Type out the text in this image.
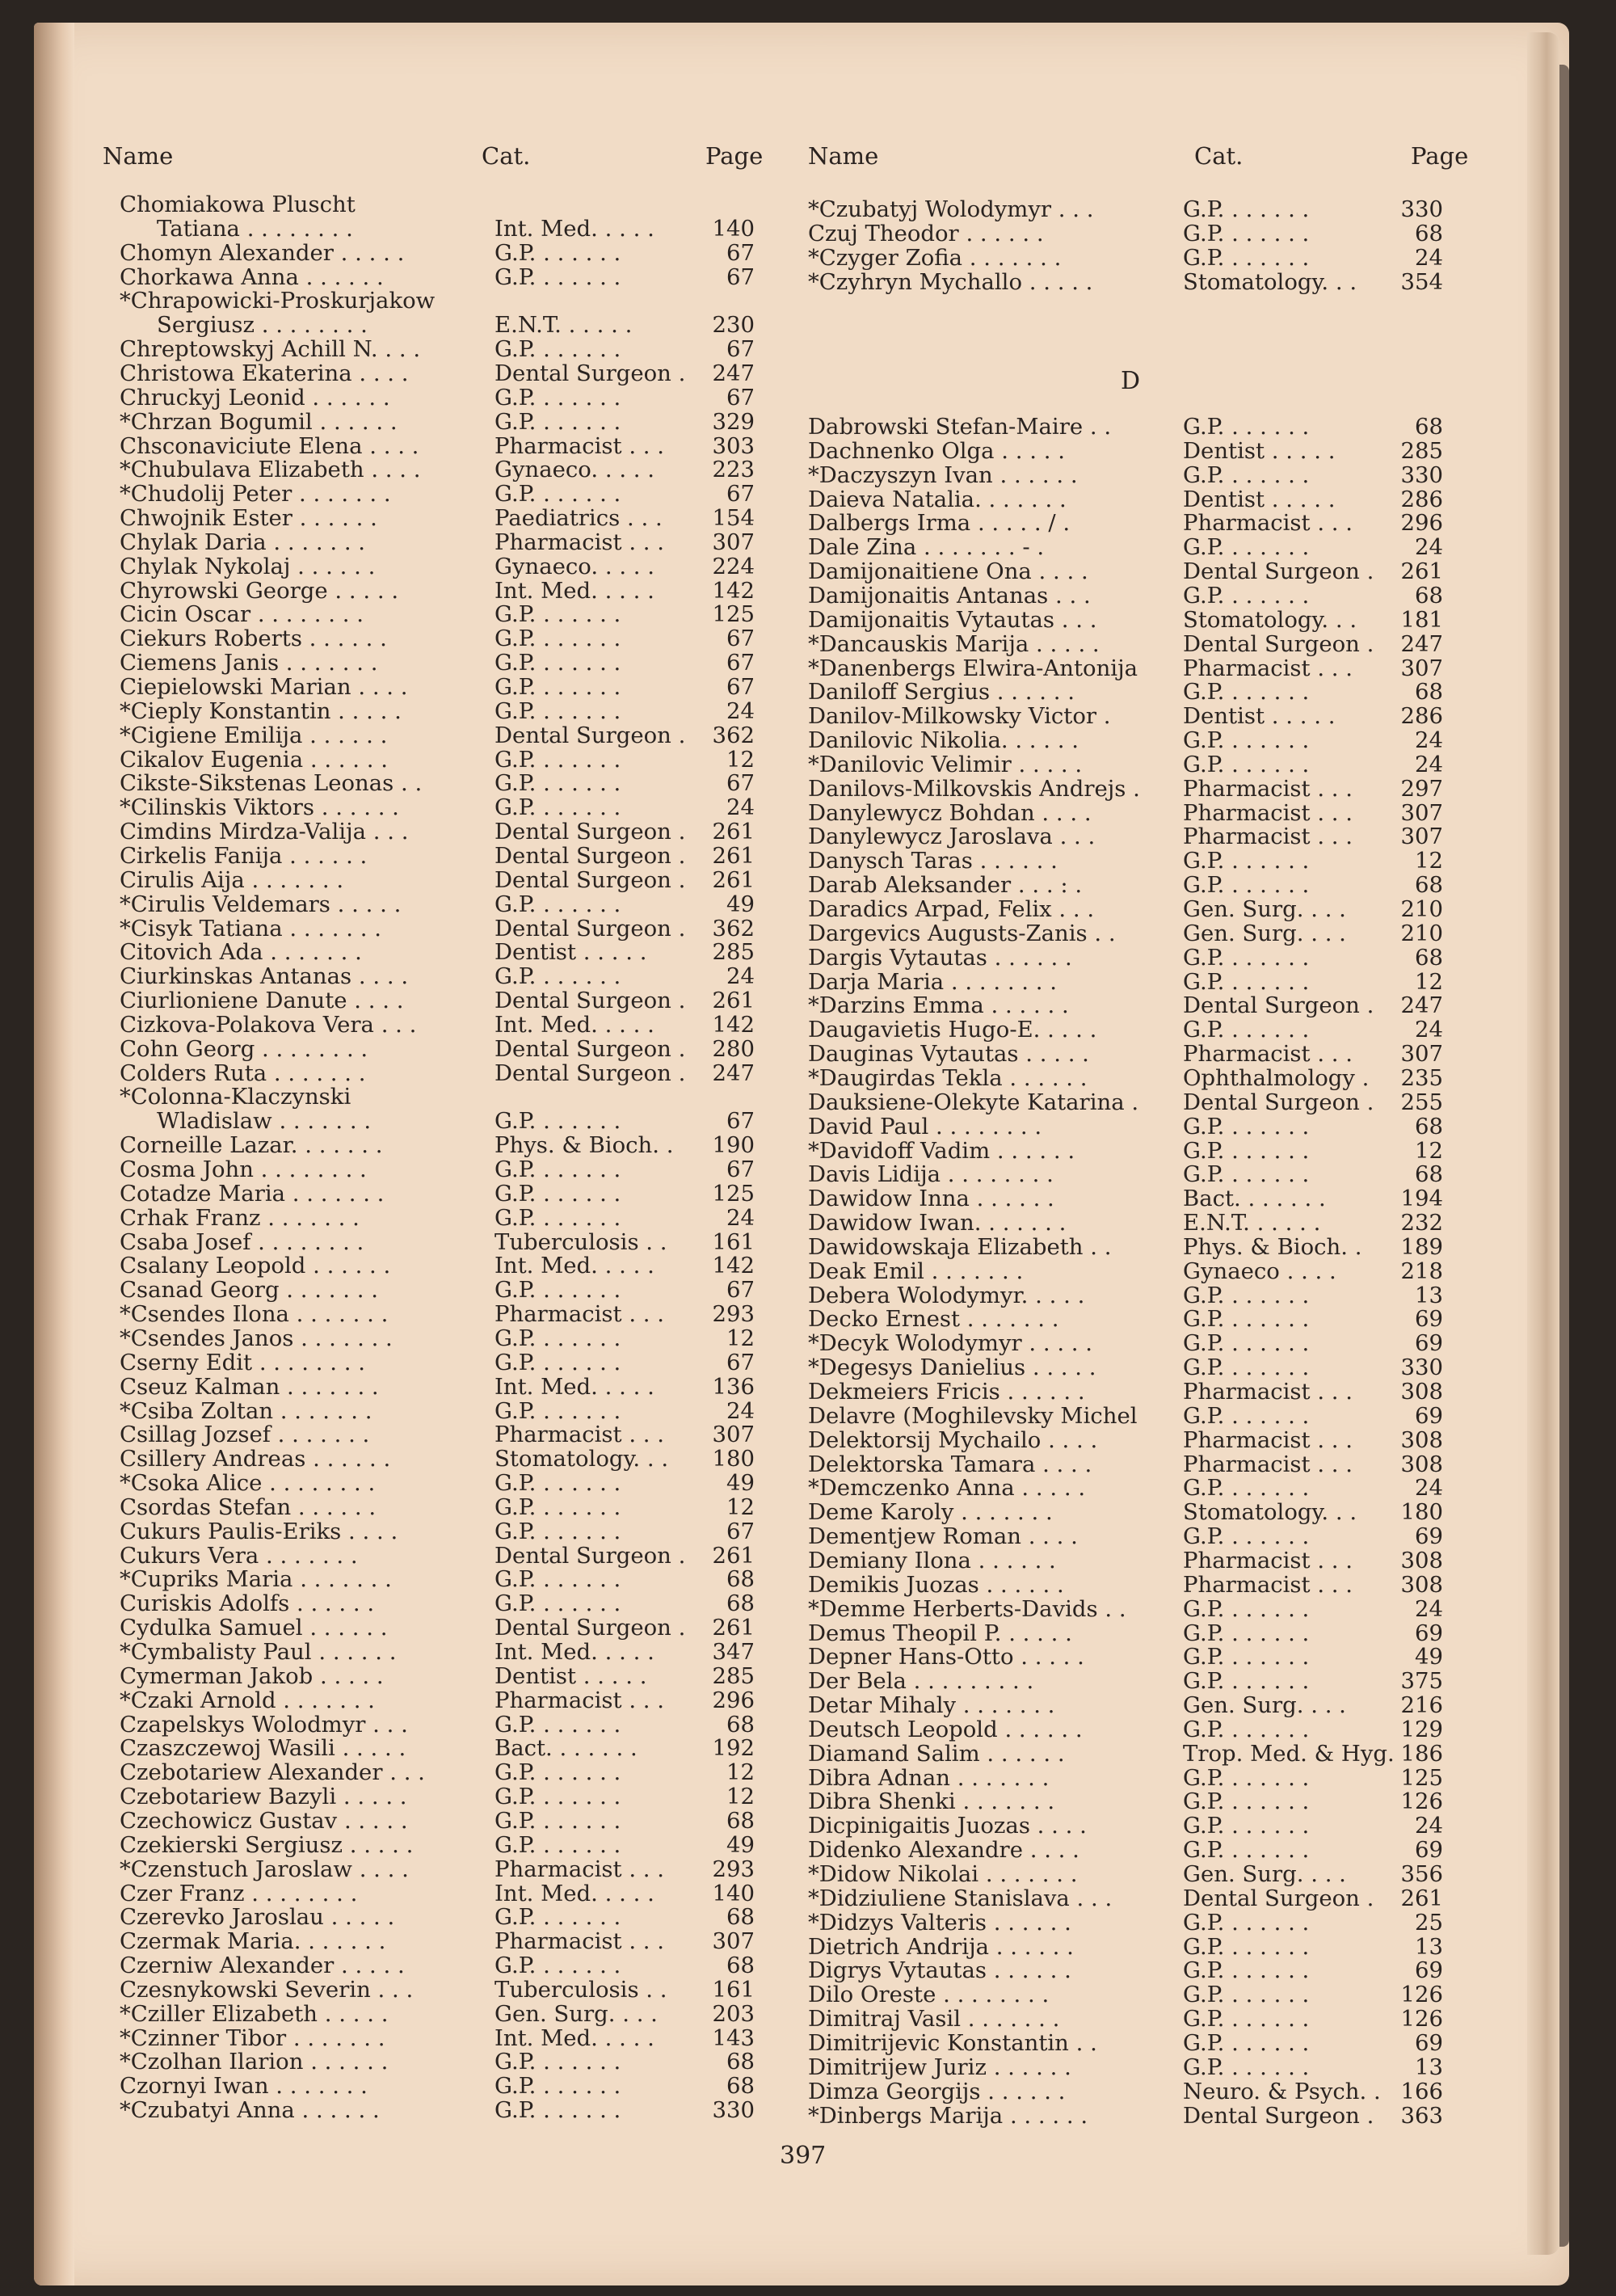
Name	Cat.	Page Name	Cat.	Page
Chomiakowa Pluscht
Tatiana . . . . . . . .	Int. Med. . . . .	140
Chomyn Alexander . . . . .	G.P. . . . . . .	67
Chorkawa Anna . . . . . .	G.P. . . . . . .	67
*Chrapowicki-Proskurjakow
Sergiusz . . . . . . . .	E.N.T. . . . . .	230
Chreptowskyj Achill N. . . .	G.P. . . . . . .	67
Christowa Ekaterina . . . .	Dental Surgeon .	247
Chruckyj Leonid . . . . . .	G.P. . . . . . .	67
*Chrzan Bogumil . . . . . .	G.P. . . . . . .	329
Chsconaviciute Elena . . . .	Pharmacist . . .	303
*Chubulava Elizabeth . . . .	Gynaeco. . . . .	223
*Chudolij Peter . . . . . . .	G.P. . . . . . .	67
Chwojnik Ester . . . . . .	Paediatrics . . .	154
Chylak Daria . . . . . . .	Pharmacist . . .	307
Chylak Nykolaj . . . . . .	Gynaeco. . . . .	224
Chyrowski George . . . . .	Int. Med. . . . .	142
Cicin Oscar . . . . . . . .	G.P. . . . . . .	125
Ciekurs Roberts . . . . . .	G.P. . . . . . .	67
Ciemens Janis . . . . . . .	G.P. . . . . . .	67
Ciepielowski Marian . . . .	G.P. . . . . . .	67
*Cieply Konstantin . . . . .	G.P. . . . . . .	24
*Cigiene Emilija . . . . . .	Dental Surgeon .	362
Cikalov Eugenia . . . . . .	G.P. . . . . . .	12
Cikste-Sikstenas Leonas . .	G.P. . . . . . .	67
*Cilinskis Viktors . . . . . .	G.P. . . . . . .	24
Cimdins Mirdza-Valija . . .	Dental Surgeon .	261
Cirkelis Fanija . . . . . .	Dental Surgeon .	261
Cirulis Aija . . . . . . .	Dental Surgeon .	261
*Cirulis Veldemars . . . . .	G.P. . . . . . .	49
*Cisyk Tatiana . . . . . . .	Dental Surgeon .	362
Citovich Ada . . . . . . .	Dentist . . . . .	285
Ciurkinskas Antanas . . . .	G.P. . . . . . .	24
Ciurlioniene Danute . . . .	Dental Surgeon .	261
Cizkova-Polakova Vera . . .	Int. Med. . . . .	142
Cohn Georg . . . . . . . .	Dental Surgeon .	280
Colders Ruta . . . . . . .	Dental Surgeon .	247
*Colonna-Klaczynski
Wladislaw . . . . . . .	G.P. . . . . . .	67
Corneille Lazar. . . . . . .	Phys. & Bioch. .	190
Cosma John . . . . . . . .	G.P. . . . . . .	67
Cotadze Maria . . . . . . .	G.P. . . . . . .	125
Crhak Franz . . . . . . .	G.P. . . . . . .	24
Csaba Josef . . . . . . . .	Tuberculosis . .	161
Csalany Leopold . . . . . .	Int. Med. . . . .	142
Csanad Georg . . . . . . .	G.P. . . . . . .	67
*Csendes Ilona . . . . . . .	Pharmacist . . .	293
*Csendes Janos . . . . . . .	G.P. . . . . . .	12
Cserny Edit . . . . . . . .	G.P. . . . . . .	67
Cseuz Kalman . . . . . . .	Int. Med. . . . .	136
*Csiba Zoltan . . . . . . .	G.P. . . . . . .	24
Csillag Jozsef . . . . . . .	Pharmacist . . .	307
Csillery Andreas . . . . . .	Stomatology. . .	180
*Csoka Alice . . . . . . . .	G.P. . . . . . .	49
Csordas Stefan . . . . . .	G.P. . . . . . .	12
Cukurs Paulis-Eriks . . . .	G.P. . . . . . .	67
Cukurs Vera . . . . . . .	Dental Surgeon .	261
*Cupriks Maria . . . . . . .	G.P. . . . . . .	68
Curiskis Adolfs . . . . . .	G.P. . . . . . .	68
Cydulka Samuel . . . . . .	Dental Surgeon .	261
*Cymbalisty Paul . . . . . .	Int. Med. . . . .	347
Cymerman Jakob . . . . .	Dentist . . . . .	285
*Czaki Arnold . . . . . . .	Pharmacist . . .	296
Czapelskys Wolodmyr . . .	G.P. . . . . . .	68
Czaszczewoj Wasili . . . . .	Bact. . . . . . .	192
Czebotariew Alexander . . .	G.P. . . . . . .	12
Czebotariew Bazyli . . . . .	G.P. . . . . . .	12
Czechowicz Gustav . . . . .	G.P. . . . . . .	68
Czekierski Sergiusz . . . . .	G.P. . . . . . .	49
*Czenstuch Jaroslaw . . . .	Pharmacist . . .	293
Czer Franz . . . . . . . .	Int. Med. . . . .	140
Czerevko Jaroslau . . . . .	G.P. . . . . . .	68
Czermak Maria. . . . . . .	Pharmacist . . .	307
Czerniw Alexander . . . . .	G.P. . . . . . .	68
Czesnykowski Severin . . .	Tuberculosis . .	161
*Cziller Elizabeth . . . . .	Gen. Surg. . . .	203
*Czinner Tibor . . . . . . .	Int. Med. . . . .	143
*Czolhan Ilarion . . . . . .	G.P. . . . . . .	68
Czornyi Iwan . . . . . . .	G.P. . . . . . .	68
*Czubatyi Anna . . . . . .	G.P. . . . . . .	330
*Czubatyj Wolodymyr . . .	G.P. . . . . . .	330
Czuj Theodor . . . . . .	G.P. . . . . . .	68
*Czyger Zofia . . . . . . .	G.P. . . . . . .	24
*Czyhryn Mychallo . . . . .	Stomatology. . .	354
Dabrowski Stefan-Maire . .	G.P. . . . . . .	68
Dachnenko Olga . . . . .	Dentist . . . . .	285
*Daczyszyn Ivan . . . . . .	G.P. . . . . . .	330
Daieva Natalia. . . . . . .	Dentist . . . . .	286
Dalbergs Irma . . . . . / .	Pharmacist . . .	296
Dale Zina . . . . . . . - .	G.P. . . . . . .	24
Damijonaitiene Ona . . . .	Dental Surgeon .	261
Damijonaitis Antanas . . .	G.P. . . . . . .	68
Damijonaitis Vytautas . . .	Stomatology. . .	181
*Dancauskis Marija . . . . .	Dental Surgeon .	247
*Danenbergs Elwira-Antonija Pharmacist . . .	307
Daniloff Sergius . . . . . .	G.P. . . . . . .	68
Danilov-Milkowsky Victor .	Dentist . . . . .	286
Danilovic Nikolia. . . . . .	G.P. . . . . . .	24
*Danilovic Velimir . . . . .	G.P. . . . . . .	24
Danilovs-Milkovskis Andrejs . Pharmacist . . .	297
Danylewycz Bohdan . . . .	Pharmacist . . .	307
Danylewycz Jaroslava . . .	Pharmacist . . .	307
Danysch Taras . . . . . .	G.P. . . . . . .	12
Darab Aleksander . . . : .	G.P. . . . . . .	68
Daradics Arpad, Felix . . .	Gen. Surg. . . .	210
Dargevics Augusts-Zanis . .	Gen. Surg. . . .	210
Dargis Vytautas . . . . . .	G.P. . . . . . .	68
Darja Maria . . . . . . . .	G.P. . . . . . .	12
*Darzins Emma . . . . . .	Dental Surgeon .	247
Daugavietis Hugo-E. . . . .	G.P. . . . . . .	24
Dauginas Vytautas . . . . .	Pharmacist . . .	307
*Daugirdas Tekla . . . . . .	Ophthalmology .	235
Dauksiene-Olekyte Katarina . Dental Surgeon .	255
David Paul . . . . . . . .	G.P. . . . . . .	68
*Davidoff Vadim . . . . . .	G.P. . . . . . .	12
Davis Lidija . . . . . . . .	G.P. . . . . . .	68
Dawidow Inna . . . . . .	Bact. . . . . . .	194
Dawidow Iwan. . . . . . .	E.N.T. . . . . .	232
Dawidowskaja Elizabeth . .	Phys. & Bioch. .	189
Deak Emil . . . . . . .	Gynaeco . . . .	218
Debera Wolodymyr. . . . .	G.P. . . . . . .	13
Decko Ernest . . . . . . .	G.P. . . . . . .	69
*Decyk Wolodymyr . . . . .	G.P. . . . . . .	69
*Degesys Danielius . . . . .	G.P. . . . . . .	330
Dekmeiers Fricis . . . . . .	Pharmacist . . .	308
Delavre (Moghilevsky Michel G.P. . . . . . .	69
Delektorsij Mychailo . . . .	Pharmacist . . .	308
Delektorska Tamara . . . .	Pharmacist . . .	308
*Demczenko Anna . . . . .	G.P. . . . . . .	24
Deme Karoly . . . . . . .	Stomatology. . .	180
Dementjew Roman . . . .	G.P. . . . . . .	69
Demiany Ilona . . . . . .	Pharmacist . . .	308
Demikis Juozas . . . . . .	Pharmacist . . .	308
*Demme Herberts-Davids . .	G.P. . . . . . .	24
Demus Theopil P. . . . . .	G.P. . . . . . .	69
Depner Hans-Otto . . . . .	G.P. . . . . . .	49
Der Bela . . . . . . . . .	G.P. . . . . . .	375
Detar Mihaly . . . . . . .	Gen. Surg. . . .	216
Deutsch Leopold . . . . . .	G.P. . . . . . .	129
Diamand Salim . . . . . .	Trop. Med. & Hyg. 186
Dibra Adnan . . . . . . .	G.P. . . . . . .	125
Dibra Shenki . . . . . . .	G.P. . . . . . .	126
Dicpinigaitis Juozas . . . .	G.P. . . . . . .	24
Didenko Alexandre . . . .	G.P. . . . . . .	69
*Didow Nikolai . . . . . . .	Gen. Surg. . . .	356
*Didziuliene Stanislava . . .	Dental Surgeon .	261
*Didzys Valteris . . . . . .	G.P. . . . . . .	25
Dietrich Andrija . . . . . .	G.P. . . . . . .	13
Digrys Vytautas . . . . . .	G.P. . . . . . .	69
Dilo Oreste . . . . . . . .	G.P. . . . . . .	126
Dimitraj Vasil . . . . . . .	G.P. . . . . . .	126
Dimitrijevic Konstantin . .	G.P. . . . . . .	69
Dimitrijew Juriz . . . . . .	G.P. . . . . . .	13
Dimza Georgijs . . . . . .	Neuro. & Psych. . 166
*Dinbergs Marija . . . . . .	Dental Surgeon .	363
D
397
